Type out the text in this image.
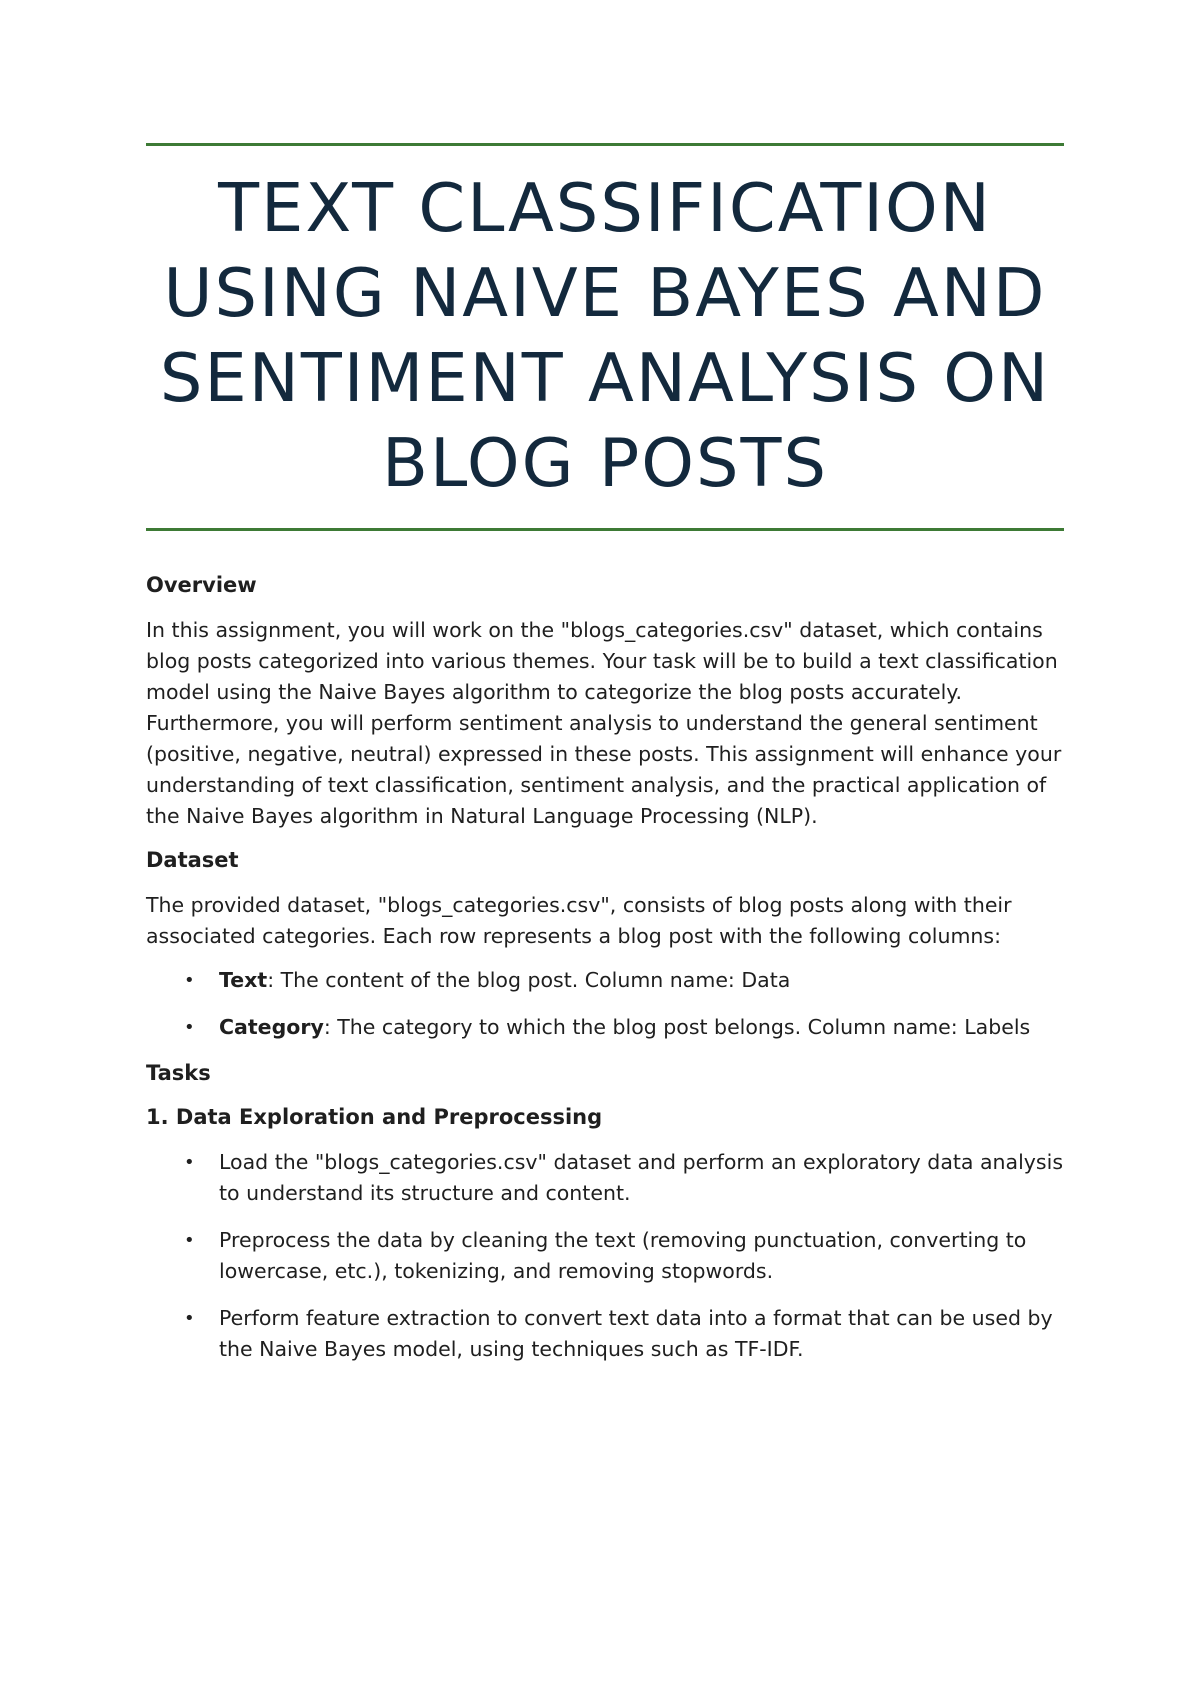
TEXT CLASSIFICATION USING NAIVE BAYES AND SENTIMENT ANALYSIS ON BLOG POSTS
Overview

In this assignment, you will work on the "blogs_categories.csv" dataset, which contains blog posts categorized into various themes. Your task will be to build a text classification model using the Naive Bayes algorithm to categorize the blog posts accurately. Furthermore, you will perform sentiment analysis to understand the general sentiment (positive, negative, neutral) expressed in these posts. This assignment will enhance your understanding of text classification, sentiment analysis, and the practical application of the Naive Bayes algorithm in Natural Language Processing (NLP).

Dataset

The provided dataset, "blogs_categories.csv", consists of blog posts along with their associated categories. Each row represents a blog post with the following columns:

• Text: The content of the blog post. Column name: Data
• Category: The category to which the blog post belongs. Column name: Labels
Tasks
1. Data Exploration and Preprocessing
• Load the "blogs_categories.csv" dataset and perform an exploratory data analysis to understand its structure and content.
• Preprocess the data by cleaning the text (removing punctuation, converting to lowercase, etc.), tokenizing, and removing stopwords.
• Perform feature extraction to convert text data into a format that can be used by the Naive Bayes model, using techniques such as TF-IDF.
